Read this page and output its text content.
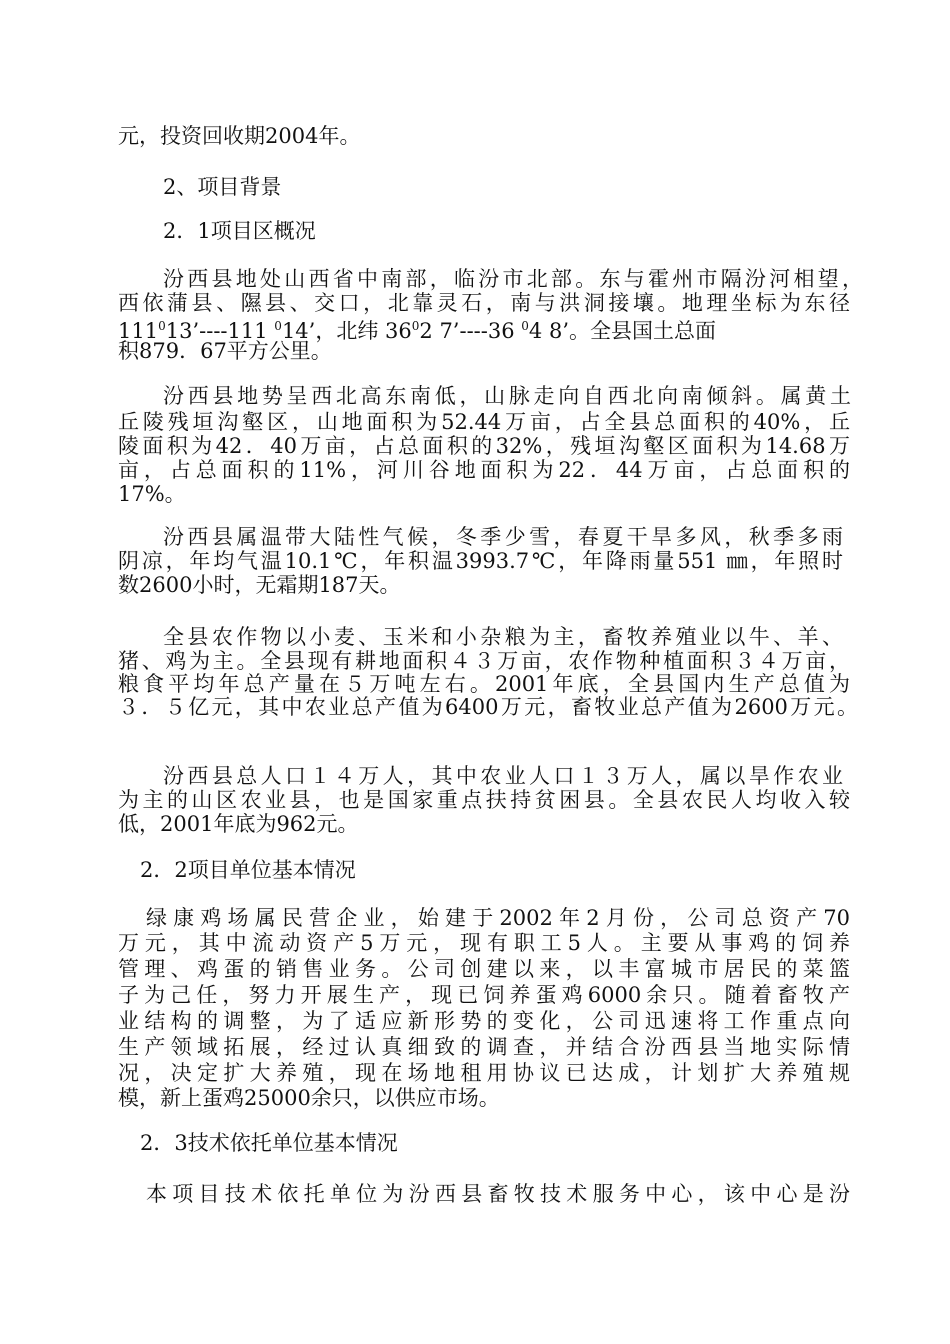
元，投资回收期2004年。
2、项目背景
2．1项目区概况
汾西县地处山西省中南部，临汾市北部。东与霍州市隔汾河相望，
西依蒲县、隰县、交口，北靠灵石，南与洪洞接壤。地理坐标为东径
$111^013’----111$ $^0$14’，北纬 $36^02$ 7’----36 $^0$4 8’。全县国土总面
积879．67平方公里。
汾西县地势呈西北高东南低，山脉走向自西北向南倾斜。属黄土
丘陵残垣沟壑区，山地面积为52.44万亩，占全县总面积的40%，丘
陵面积为42．40万亩，占总面积的32%，残垣沟壑区面积为14.68万
亩，占总面积的11%，河川谷地面积为22．44万亩，占总面积的
17%。
汾西县属温带大陆性气候，冬季少雪，春夏干旱多风，秋季多雨
阴凉，年均气温10.1℃，年积温3993.7℃，年降雨量551 ㎜，年照时
数2600小时，无霜期187天。
全县农作物以小麦、玉米和小杂粮为主，畜牧养殖业以牛、羊、
猪、鸡为主。全县现有耕地面积４３万亩，农作物种植面积３４万亩，
粮食平均年总产量在５万吨左右。2001年底，全县国内生产总值为
３．５亿元，其中农业总产值为6400万元，畜牧业总产值为2600万元。
汾西县总人口１４万人，其中农业人口１３万人，属以旱作农业
为主的山区农业县，也是国家重点扶持贫困县。全县农民人均收入较
低，2001年底为962元。
2．2项目单位基本情况
绿康鸡场属民营企业，始建于2002年2月份，公司总资产70
万元，其中流动资产5万元，现有职工5人。主要从事鸡的饲养
管理、鸡蛋的销售业务。公司创建以来，以丰富城市居民的菜篮
子为己任，努力开展生产，现已饲养蛋鸡6000余只。随着畜牧产
业结构的调整，为了适应新形势的变化，公司迅速将工作重点向
生产领域拓展，经过认真细致的调查，并结合汾西县当地实际情
况，决定扩大养殖，现在场地租用协议已达成，计划扩大养殖规
模，新上蛋鸡25000余只，以供应市场。
2．3技术依托单位基本情况
本项目技术依托单位为汾西县畜牧技术服务中心，该中心是汾
